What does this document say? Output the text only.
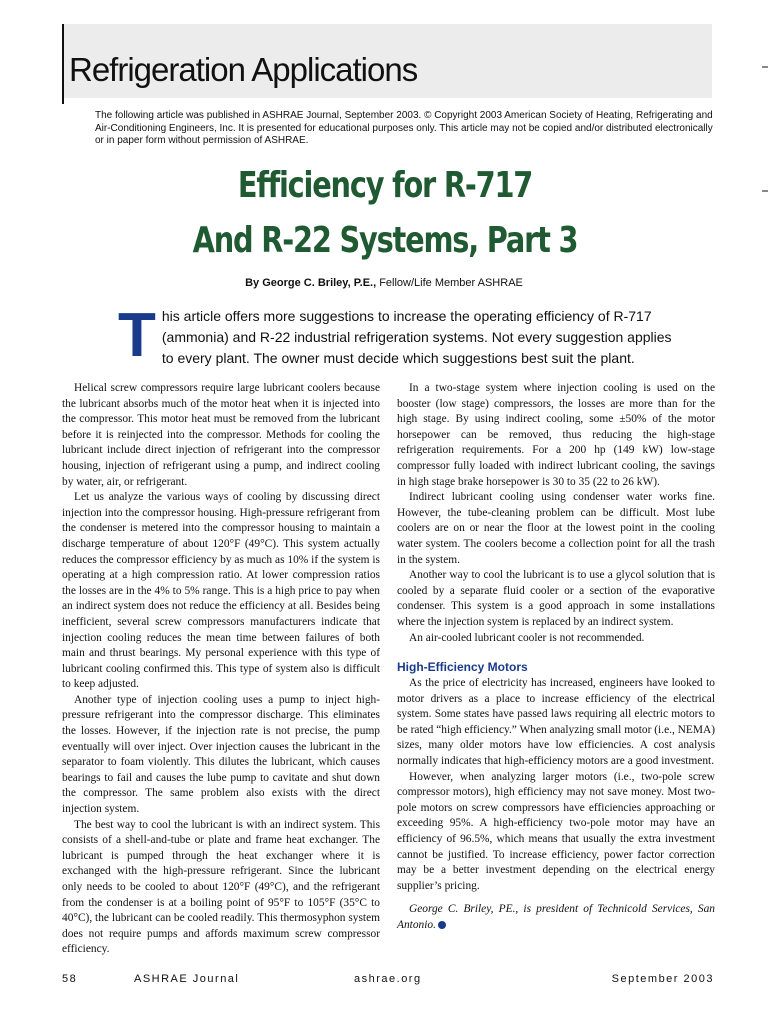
Refrigeration Applications

The following article was published in ASHRAE Journal, September 2003. © Copyright 2003 American Society of Heating, Refrigerating and Air-Conditioning Engineers, Inc. It is presented for educational purposes only. This article may not be copied and/or distributed electronically or in paper form without permission of ASHRAE.

Efficiency for R-717
And R-22 Systems, Part 3
By George C. Briley, P.E., Fellow/Life Member ASHRAE
This article offers more suggestions to increase the operating efficiency of R-717 (ammonia) and R-22 industrial refrigeration systems. Not every suggestion applies to every plant. The owner must decide which suggestions best suit the plant.

Helical screw compressors require large lubricant coolers because the lubricant absorbs much of the motor heat when it is injected into the compressor. This motor heat must be removed from the lubricant before it is reinjected into the compressor. Methods for cooling the lubricant include direct injection of refrigerant into the compressor housing, injection of refrigerant using a pump, and indirect cooling by water, air, or refrigerant.

Let us analyze the various ways of cooling by discussing direct injection into the compressor housing. High-pressure refrigerant from the condenser is metered into the compressor housing to maintain a discharge temperature of about 120°F (49°C). This system actually reduces the compressor efficiency by as much as 10% if the system is operating at a high compression ratio. At lower compression ratios the losses are in the 4% to 5% range. This is a high price to pay when an indirect system does not reduce the efficiency at all. Besides being inefficient, several screw compressors manufacturers indicate that injection cooling reduces the mean time between failures of both main and thrust bearings. My personal experience with this type of lubricant cooling confirmed this. This type of system also is difficult to keep adjusted.

Another type of injection cooling uses a pump to inject high-pressure refrigerant into the compressor discharge. This eliminates the losses. However, if the injection rate is not precise, the pump eventually will over inject. Over injection causes the lubricant in the separator to foam violently. This dilutes the lubricant, which causes bearings to fail and causes the lube pump to cavitate and shut down the compressor. The same problem also exists with the direct injection system.

The best way to cool the lubricant is with an indirect system. This consists of a shell-and-tube or plate and frame heat exchanger. The lubricant is pumped through the heat exchanger where it is exchanged with the high-pressure refrigerant. Since the lubricant only needs to be cooled to about 120°F (49°C), and the refrigerant from the condenser is at a boiling point of 95°F to 105°F (35°C to 40°C), the lubricant can be cooled readily. This thermosyphon system does not require pumps and affords maximum screw compressor efficiency.

In a two-stage system where injection cooling is used on the booster (low stage) compressors, the losses are more than for the high stage. By using indirect cooling, some ±50% of the motor horsepower can be removed, thus reducing the high-stage refrigeration requirements. For a 200 hp (149 kW) low-stage compressor fully loaded with indirect lubricant cooling, the savings in high stage brake horsepower is 30 to 35 (22 to 26 kW).

Indirect lubricant cooling using condenser water works fine. However, the tube-cleaning problem can be difficult. Most lube coolers are on or near the floor at the lowest point in the cooling water system. The coolers become a collection point for all the trash in the system.

Another way to cool the lubricant is to use a glycol solution that is cooled by a separate fluid cooler or a section of the evaporative condenser. This system is a good approach in some installations where the injection system is replaced by an indirect system.

An air-cooled lubricant cooler is not recommended.

High-Efficiency Motors

As the price of electricity has increased, engineers have looked to motor drivers as a place to increase efficiency of the electrical system. Some states have passed laws requiring all electric motors to be rated “high efficiency.” When analyzing small motor (i.e., NEMA) sizes, many older motors have low efficiencies. A cost analysis normally indicates that high-efficiency motors are a good investment.

However, when analyzing larger motors (i.e., two-pole screw compressor motors), high efficiency may not save money. Most two-pole motors on screw compressors have efficiencies approaching or exceeding 95%. A high-efficiency two-pole motor may have an efficiency of 96.5%, which means that usually the extra investment cannot be justified. To increase efficiency, power factor correction may be a better investment depending on the electrical energy supplier’s pricing.

George C. Briley, PE., is president of Technicold Services, San Antonio.

58	ASHRAE Journal	ashrae.org	September 2003
